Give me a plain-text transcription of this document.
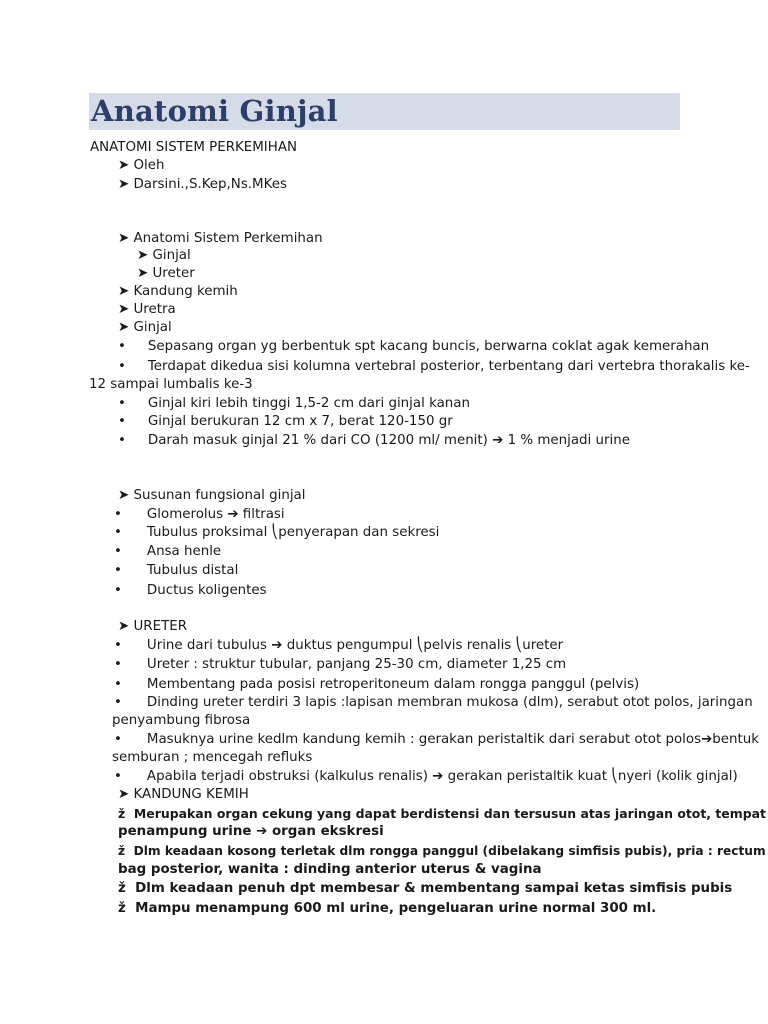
Anatomi Ginjal
ANATOMI SISTEM PERKEMIHAN
➤ Oleh
➤ Darsini.,S.Kep,Ns.MKes
➤ Anatomi Sistem Perkemihan
➤ Ginjal
➤ Ureter
➤ Kandung kemih
➤ Uretra
➤ Ginjal
• Sepasang organ yg berbentuk spt kacang buncis, berwarna coklat agak kemerahan
• Terdapat dikedua sisi kolumna vertebral posterior, terbentang dari vertebra thorakalis ke-
12 sampai lumbalis ke-3
• Ginjal kiri lebih tinggi 1,5-2 cm dari ginjal kanan
• Ginjal berukuran 12 cm x 7, berat 120-150 gr
• Darah masuk ginjal 21 % dari CO (1200 ml/ menit) ➔ 1 % menjadi urine
➤ Susunan fungsional ginjal
• Glomerolus ➔ filtrasi
• Tubulus proksimal ⎝penyerapan dan sekresi
• Ansa henle
• Tubulus distal
• Ductus koligentes
➤ URETER
• Urine dari tubulus ➔ duktus pengumpul ⎝pelvis renalis ⎝ureter
• Ureter : struktur tubular, panjang 25-30 cm, diameter 1,25 cm
• Membentang pada posisi retroperitoneum dalam rongga panggul (pelvis)
• Dinding ureter terdiri 3 lapis :lapisan membran mukosa (dlm), serabut otot polos, jaringan
penyambung fibrosa
• Masuknya urine kedlm kandung kemih : gerakan peristaltik dari serabut otot polos➔bentuk
semburan ; mencegah refluks
• Apabila terjadi obstruksi (kalkulus renalis) ➔ gerakan peristaltik kuat ⎝nyeri (kolik ginjal)
➤ KANDUNG KEMIH
ž Merupakan organ cekung yang dapat berdistensi dan tersusun atas jaringan otot, tempat
penampung urine ➔ organ ekskresi
ž Dlm keadaan kosong terletak dlm rongga panggul (dibelakang simfisis pubis), pria : rectum
bag posterior, wanita : dinding anterior uterus & vagina
ž Dlm keadaan penuh dpt membesar & membentang sampai ketas simfisis pubis
ž Mampu menampung 600 ml urine, pengeluaran urine normal 300 ml.
